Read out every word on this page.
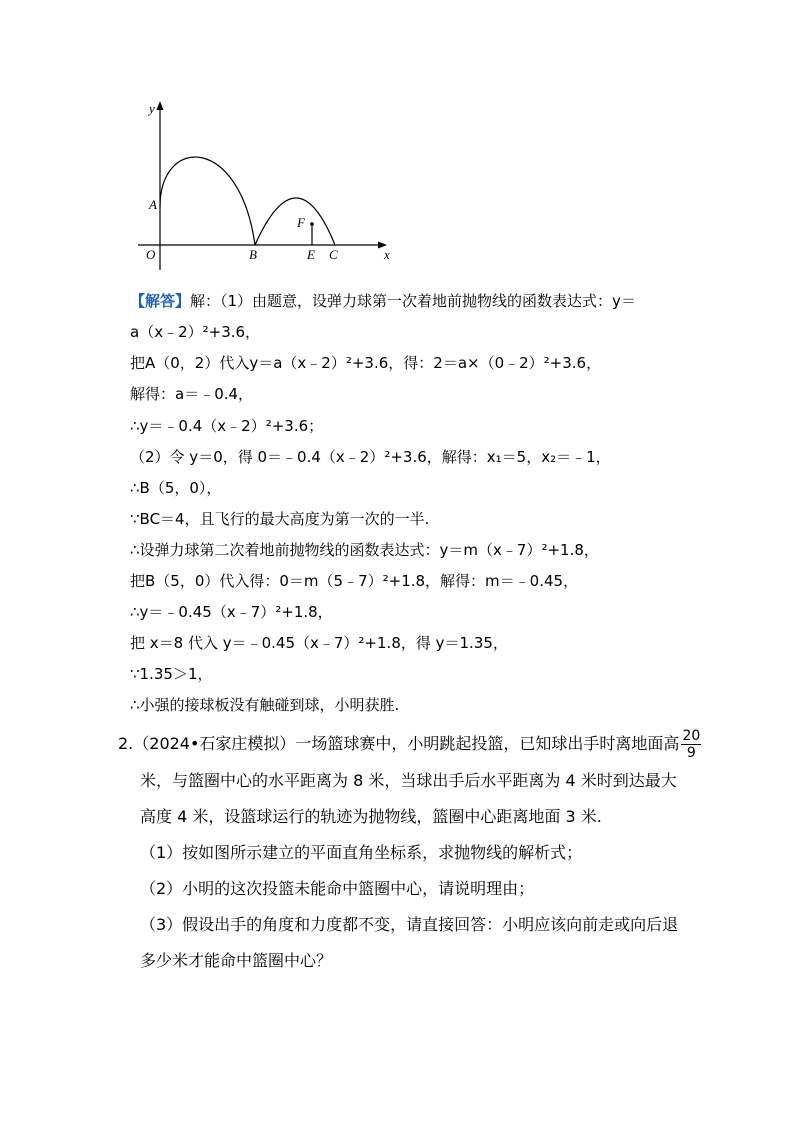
y
x
O
A
B	E C
F
【解答】解：（1）由题意，设弹力球第一次着地前抛物线的函数表达式：y＝
a（x﹣2）²+3.6，
把A（0，2）代入y＝a（x﹣2）²+3.6，得：2＝a×（0﹣2）²+3.6，
解得：a＝﹣0.4，
∴y＝﹣0.4（x﹣2）²+3.6；
（2）令 y＝0，得 0＝﹣0.4（x﹣2）²+3.6，解得：x₁＝5，x₂＝﹣1，
∴B（5，0），
∵BC＝4，且飞行的最大高度为第一次的一半.
∴设弹力球第二次着地前抛物线的函数表达式：y＝m（x﹣7）²+1.8，
把B（5，0）代入得：0＝m（5﹣7）²+1.8，解得：m＝﹣0.45，
∴y＝﹣0.45（x﹣7）²+1.8，
把 x＝8 代入 y＝﹣0.45（x﹣7）²+1.8，得 y＝1.35，
∵1.35＞1，
∴小强的接球板没有触碰到球，小明获胜.
2.（2024•石家庄模拟）一场篮球赛中，小明跳起投篮，已知球出手时离地面高 $\frac{20}{9}$
米，与篮圈中心的水平距离为 8 米，当球出手后水平距离为 4 米时到达最大
高度 4 米，设篮球运行的轨迹为抛物线，篮圈中心距离地面 3 米.
（1）按如图所示建立的平面直角坐标系，求抛物线的解析式；
（2）小明的这次投篮未能命中篮圈中心，请说明理由；
（3）假设出手的角度和力度都不变，请直接回答：小明应该向前走或向后退
多少米才能命中篮圈中心？
